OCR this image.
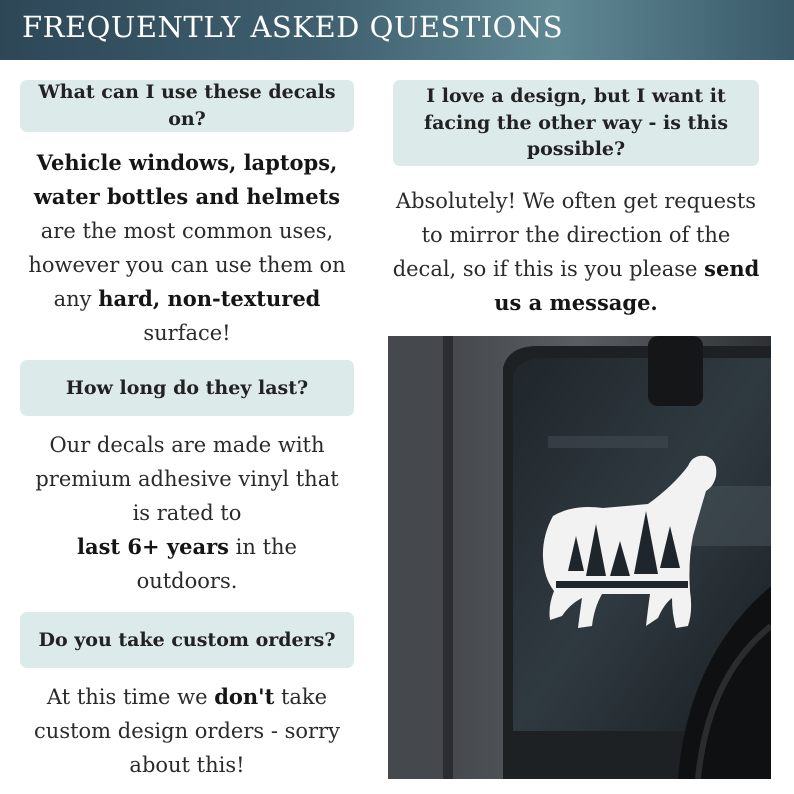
FREQUENTLY ASKED QUESTIONS
What can I use these decals on?
Vehicle windows, laptops,
water bottles and helmets are the most common uses, however you can use them on any hard, non-textured surface!
How long do they last?
Our decals are made with premium adhesive vinyl that is rated to
last 6+ years in the outdoors.
Do you take custom orders?
At this time we don't take custom design orders - sorry about this!
I love a design, but I want it facing the other way - is this possible?
Absolutely! We often get requests to mirror the direction of the decal, so if this is you please send us a message.
